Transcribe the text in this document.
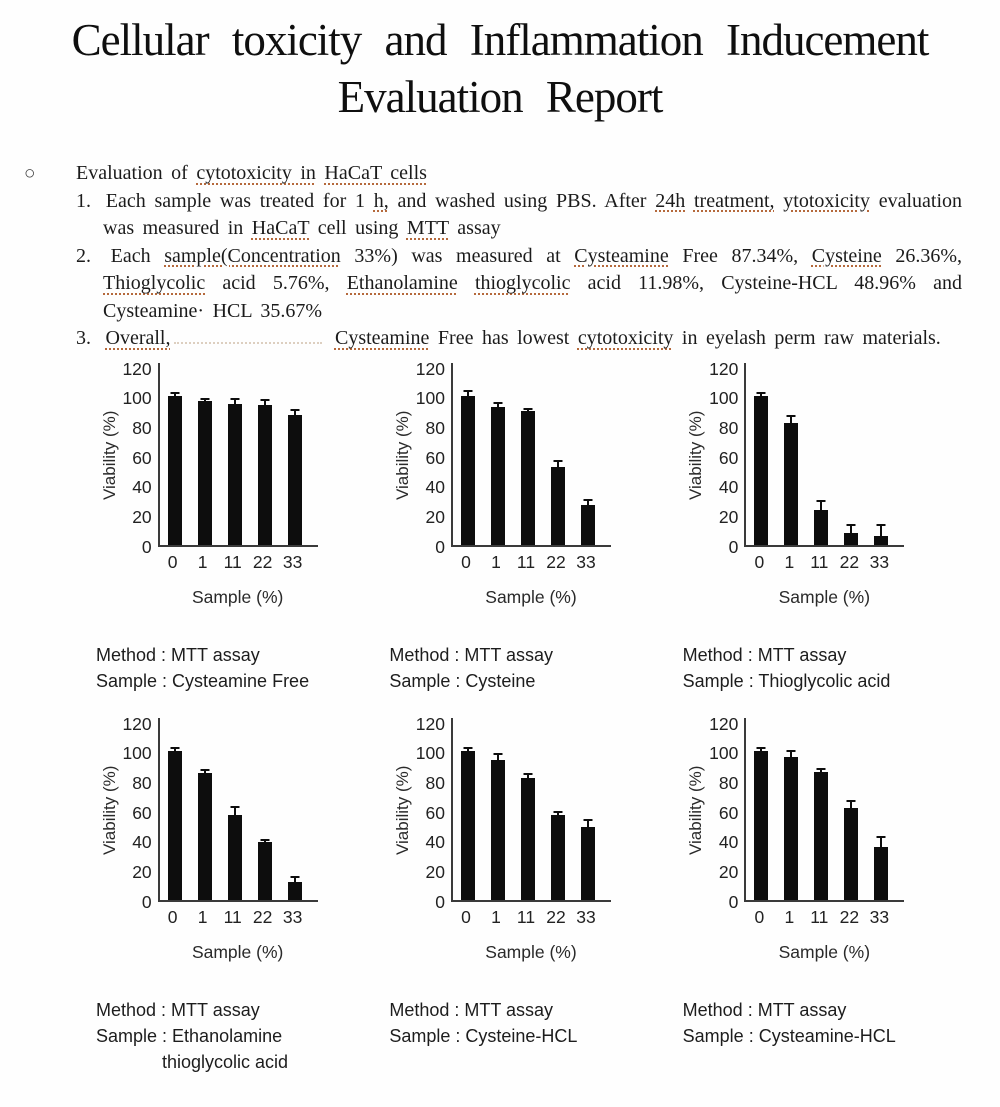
Cellular toxicity and Inflammation Inducement
Evaluation Report

○ Evaluation of cytotoxicity in HaCaT cells

1. Each sample was treated for 1 h, and washed using PBS. After 24h treatment, ytotoxicity evaluation was measured in HaCaT cell using MTT assay

2. Each sample(Concentration 33%) was measured at Cysteamine Free 87.34%, Cysteine 26.36%, Thioglycolic acid 5.76%, Ethanolamine thioglycolic acid 11.98%, Cysteine-HCL 48.96% and Cysteamine· HCL 35.67%

3. Overall,	Cysteamine Free has lowest cytotoxicity in eyelash perm raw materials.

Viability (%)
120
100
80
60
40
20
0
0	1 11 22 33
Sample (%)
Method : MTT assay
Sample : Cysteamine Free
Viability (%)
120
100
80
60
40
20
0
0	1 11 22 33
Sample (%)
Method : MTT assay
Sample : Cysteine
Viability (%)
120
100
80
60
40
20
0
0	1 11 22 33
Sample (%)
Method : MTT assay
Sample : Thioglycolic acid
Viability (%)
120
100
80
60
40
20
0
0	1 11 22 33
Sample (%)
Method : MTT assay
Sample : Ethanolamine
thioglycolic acid
Viability (%)
120
100
80
60
40
20
0
0	1 11 22 33
Sample (%)
Method : MTT assay
Sample : Cysteine-HCL
Viability (%)
120
100
80
60
40
20
0
0	1 11 22 33
Sample (%)
Method : MTT assay
Sample : Cysteamine-HCL
